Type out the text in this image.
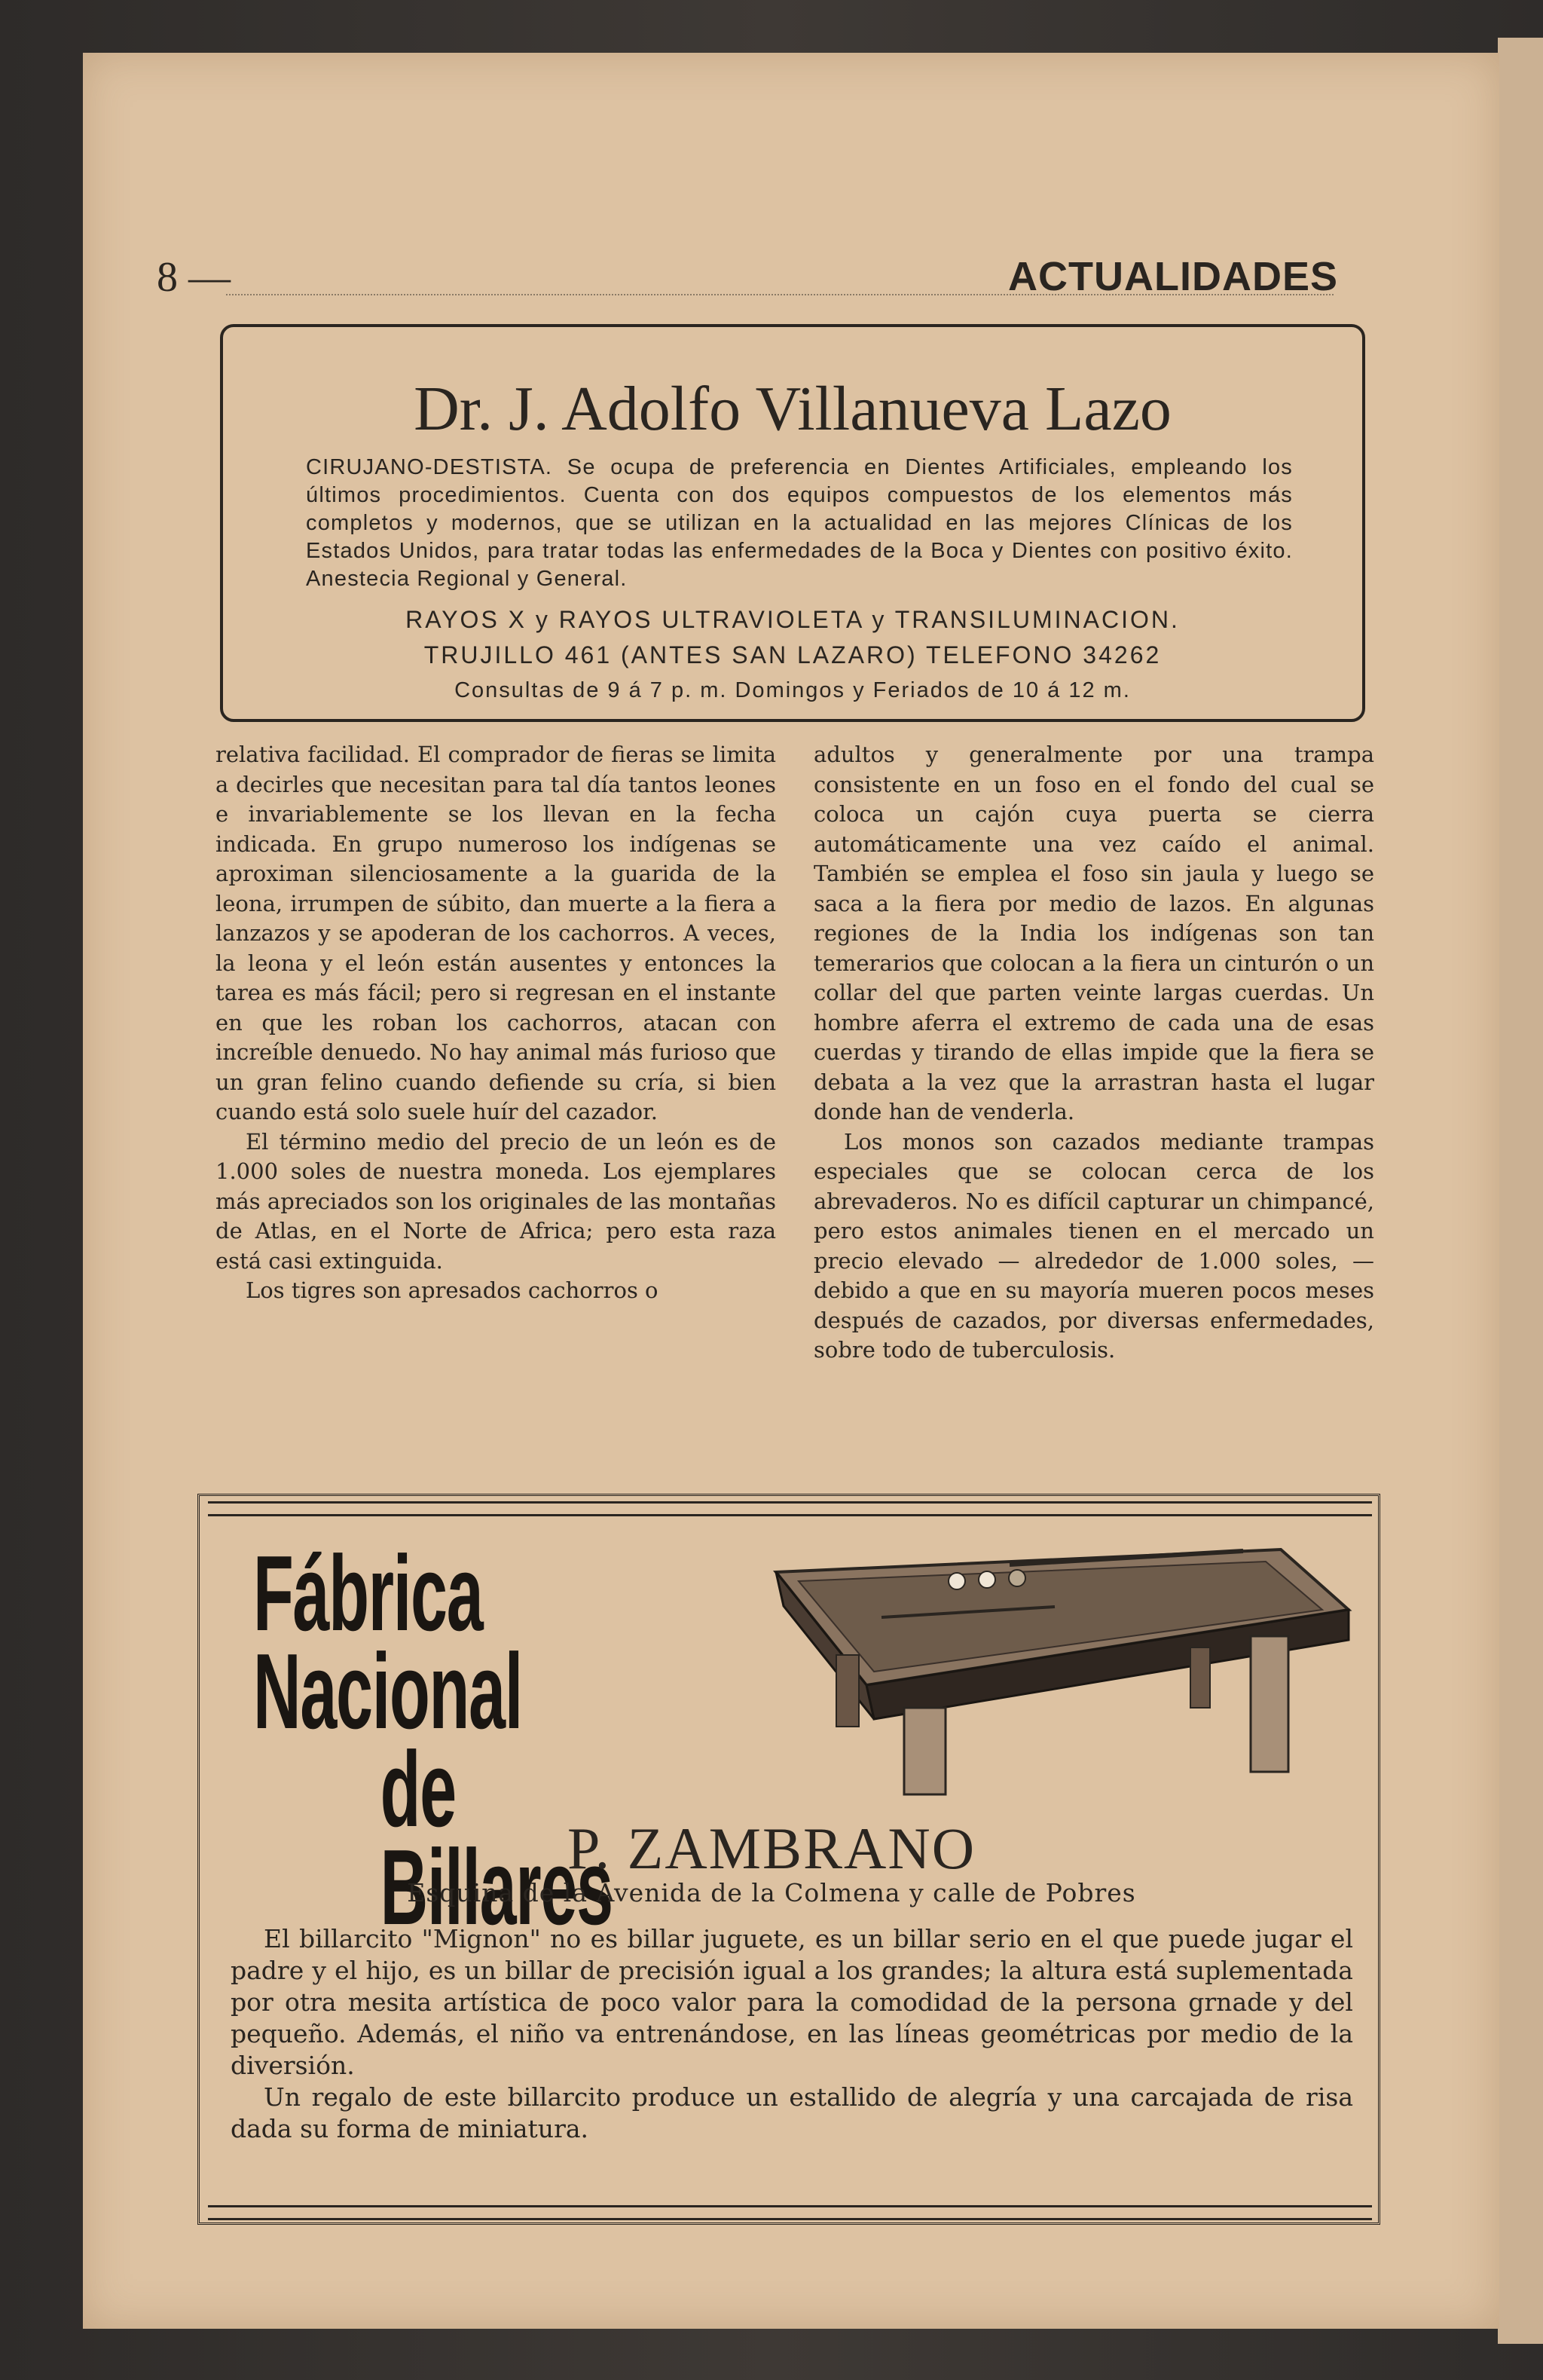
8 —	ACTUALIDADES
Dr. J. Adolfo Villanueva Lazo
CIRUJANO-DESTISTA. Se ocupa de preferencia en Dientes Artificiales, empleando los últimos procedimientos. Cuenta con dos equipos compuestos de los elementos más completos y modernos, que se utilizan en la actualidad en las mejores Clínicas de los Estados Unidos, para tratar todas las enfermedades de la Boca y Dientes con positivo éxito. Anestecia Regional y General.
RAYOS X y RAYOS ULTRAVIOLETA y TRANSILUMINACION.
TRUJILLO 461 (ANTES SAN LAZARO) TELEFONO 34262
Consultas de 9 á 7 p. m. Domingos y Feriados de 10 á 12 m.

relativa facilidad. El comprador de fieras se limita a decirles que necesitan para tal día tantos leones e invariablemente se los llevan en la fecha indicada. En grupo numeroso los indígenas se aproximan silenciosamente a la guarida de la leona, irrumpen de súbito, dan muerte a la fiera a lanzazos y se apoderan de los cachorros. A veces, la leona y el león están ausentes y entonces la tarea es más fácil; pero si regresan en el instante en que les roban los cachorros, atacan con increíble denuedo. No hay animal más furioso que un gran felino cuando defiende su cría, si bien cuando está solo suele huír del cazador.

El término medio del precio de un león es de 1.000 soles de nuestra moneda. Los ejemplares más apreciados son los originales de las montañas de Atlas, en el Norte de Africa; pero esta raza está casi extinguida.

Los tigres son apresados cachorros o

adultos y generalmente por una trampa consistente en un foso en el fondo del cual se coloca un cajón cuya puerta se cierra automáticamente una vez caído el animal. También se emplea el foso sin jaula y luego se saca a la fiera por medio de lazos. En algunas regiones de la India los indígenas son tan temerarios que colocan a la fiera un cinturón o un collar del que parten veinte largas cuerdas. Un hombre aferra el extremo de cada una de esas cuerdas y tirando de ellas impide que la fiera se debata a la vez que la arrastran hasta el lugar donde han de venderla.

Los monos son cazados mediante trampas especiales que se colocan cerca de los abrevaderos. No es difícil capturar un chimpancé, pero estos animales tienen en el mercado un precio elevado — alrededor de 1.000 soles, — debido a que en su mayoría mueren pocos meses después de cazados, por diversas enfermedades, sobre todo de tuberculosis.

Fábrica Nacional
de Billares
P. ZAMBRANO
Esquina de la Avenida de la Colmena y calle de Pobres

El billarcito "Mignon" no es billar juguete, es un billar serio en el que puede jugar el padre y el hijo, es un billar de precisión igual a los grandes; la altura está suplementada por otra mesita artística de poco valor para la comodidad de la persona grnade y del pequeño. Además, el niño va entrenándose, en las líneas geométricas por medio de la diversión.

Un regalo de este billarcito produce un estallido de alegría y una carcajada de risa dada su forma de miniatura.
